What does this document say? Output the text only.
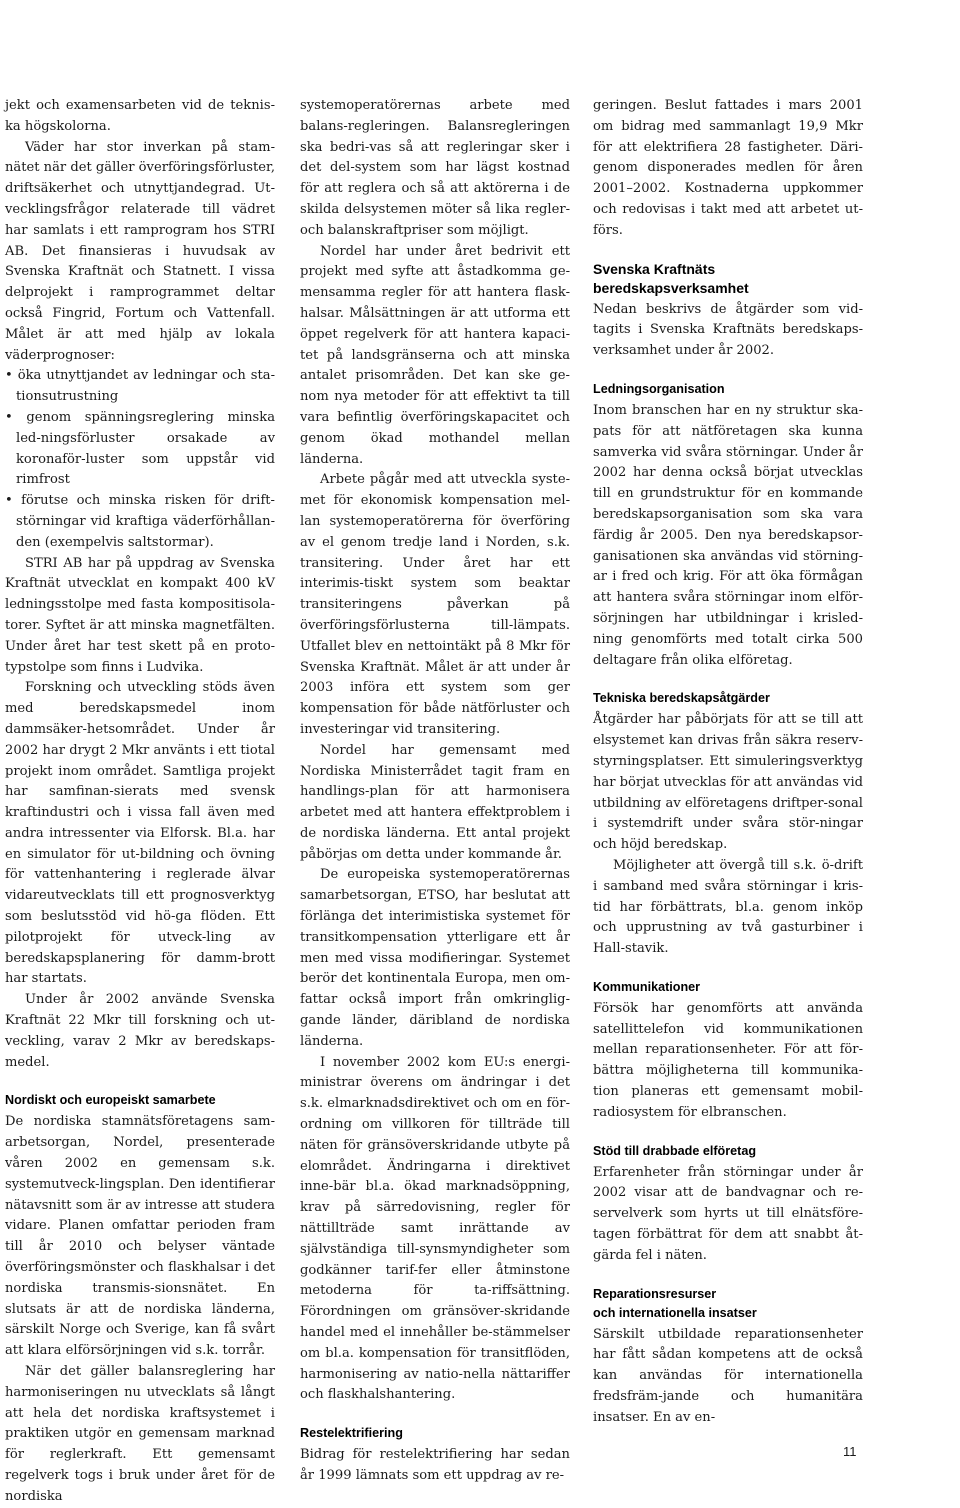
jekt och examensarbeten vid de teknis-ka högskolorna.

Väder har stor inverkan på stam-nätet när det gäller överföringsförluster, driftsäkerhet och utnyttjandegrad. Ut-vecklingsfrågor relaterade till vädret har samlats i ett ramprogram hos STRI AB. Det finansieras i huvudsak av Svenska Kraftnät och Statnett. I vissa delprojekt i ramprogrammet deltar också Fingrid, Fortum och Vattenfall. Målet är att med hjälp av lokala väderprognoser:

• öka utnyttjandet av ledningar och sta-tionsutrustning
• genom spänningsreglering minska led-ningsförluster orsakade av koronaför-luster som uppstår vid rimfrost
• förutse och minska risken för drift-störningar vid kraftiga väderförhållan-den (exempelvis saltstormar).

STRI AB har på uppdrag av Svenska Kraftnät utvecklat en kompakt 400 kV ledningsstolpe med fasta kompositisola-torer. Syftet är att minska magnetfälten. Under året har test skett på en proto-typstolpe som finns i Ludvika.

Forskning och utveckling stöds även med beredskapsmedel inom dammsäker-hetsområdet. Under år 2002 har drygt 2 Mkr använts i ett tiotal projekt inom området. Samtliga projekt har samfinan-sierats med svensk kraftindustri och i vissa fall även med andra intressenter via Elforsk. Bl.a. har en simulator för ut-bildning och övning för vattenhantering i reglerade älvar vidareutvecklats till ett prognosverktyg som beslutsstöd vid hö-ga flöden. Ett pilotprojekt för utveck-ling av beredskapsplanering för damm-brott har startats.

Under år 2002 använde Svenska Kraftnät 22 Mkr till forskning och ut-veckling, varav 2 Mkr av beredskaps-medel.

Nordiskt och europeiskt samarbete

De nordiska stamnätsföretagens sam-arbetsorgan, Nordel, presenterade våren 2002 en gemensam s.k. systemutveck-lingsplan. Den identifierar nätavsnitt som är av intresse att studera vidare. Planen omfattar perioden fram till år 2010 och belyser väntade överföringsmönster och flaskhalsar i det nordiska transmis-sionsnätet. En slutsats är att de nordiska länderna, särskilt Norge och Sverige, kan få svårt att klara elförsörjningen vid s.k. torrår.

När det gäller balansreglering har harmoniseringen nu utvecklats så långt att hela det nordiska kraftsystemet i praktiken utgör en gemensam marknad för reglerkraft. Ett gemensamt regelverk togs i bruk under året för de nordiska

systemoperatörernas arbete med balans-regleringen. Balansregleringen ska bedri-vas så att regleringar sker i det del-system som har lägst kostnad för att reglera och så att aktörerna i de skilda delsystemen möter så lika regler- och balanskraftpriser som möjligt.

Nordel har under året bedrivit ett projekt med syfte att åstadkomma ge-mensamma regler för att hantera flask-halsar. Målsättningen är att utforma ett öppet regelverk för att hantera kapaci-tet på landsgränserna och att minska antalet prisområden. Det kan ske ge-nom nya metoder för att effektivt ta till vara befintlig överföringskapacitet och genom ökad mothandel mellan länderna.

Arbete pågår med att utveckla syste-met för ekonomisk kompensation mel-lan systemoperatörerna för överföring av el genom tredje land i Norden, s.k. transitering. Under året har ett interimis-tiskt system som beaktar transiteringens påverkan på överföringsförlusterna till-lämpats. Utfallet blev en nettointäkt på 8 Mkr för Svenska Kraftnät. Målet är att under år 2003 införa ett system som ger kompensation för både nätförluster och investeringar vid transitering.

Nordel har gemensamt med Nordiska Ministerrådet tagit fram en handlings-plan för att harmonisera arbetet med att hantera effektproblem i de nordiska länderna. Ett antal projekt påbörjas om detta under kommande år.

De europeiska systemoperatörernas samarbetsorgan, ETSO, har beslutat att förlänga det interimistiska systemet för transitkompensation ytterligare ett år men med vissa modifieringar. Systemet berör det kontinentala Europa, men om-fattar också import från omkringlig-gande länder, däribland de nordiska länderna.

I november 2002 kom EU:s energi-ministrar överens om ändringar i det s.k. elmarknadsdirektivet och om en för-ordning om villkoren för tillträde till näten för gränsöverskridande utbyte på elområdet. Ändringarna i direktivet inne-bär bl.a. ökad marknadsöppning, krav på särredovisning, regler för nättillträde samt inrättande av självständiga till-synsmyndigheter som godkänner tarif-fer eller åtminstone metoderna för ta-riffsättning. Förordningen om gränsöver-skridande handel med el innehåller be-stämmelser om bl.a. kompensation för transitflöden, harmonisering av natio-nella nättariffer och flaskhalshantering.

Restelektrifiering

Bidrag för restelektrifiering har sedan år 1999 lämnats som ett uppdrag av re-

geringen. Beslut fattades i mars 2001 om bidrag med sammanlagt 19,9 Mkr för att elektrifiera 28 fastigheter. Däri-genom disponerades medlen för åren 2001–2002. Kostnaderna uppkommer och redovisas i takt med att arbetet ut-förs.

Svenska Kraftnäts beredskapsverksamhet

Nedan beskrivs de åtgärder som vid-tagits i Svenska Kraftnäts beredskaps-verksamhet under år 2002.

Ledningsorganisation

Inom branschen har en ny struktur ska-pats för att nätföretagen ska kunna samverka vid svåra störningar. Under år 2002 har denna också börjat utvecklas till en grundstruktur för en kommande beredskapsorganisation som ska vara färdig år 2005. Den nya beredskapsor-ganisationen ska användas vid störning-ar i fred och krig. För att öka förmågan att hantera svåra störningar inom elför-sörjningen har utbildningar i krisled-ning genomförts med totalt cirka 500 deltagare från olika elföretag.

Tekniska beredskapsåtgärder

Åtgärder har påbörjats för att se till att elsystemet kan drivas från säkra reserv-styrningsplatser. Ett simuleringsverktyg har börjat utvecklas för att användas vid utbildning av elföretagens driftper-sonal i systemdrift under svåra stör-ningar och höjd beredskap.

Möjligheter att övergå till s.k. ö-drift i samband med svåra störningar i kris-tid har förbättrats, bl.a. genom inköp och upprustning av två gasturbiner i Hall-stavik.

Kommunikationer

Försök har genomförts att använda satellittelefon vid kommunikationen mellan reparationsenheter. För att för-bättra möjligheterna till kommunika-tion planeras ett gemensamt mobil-radiosystem för elbranschen.

Stöd till drabbade elföretag

Erfarenheter från störningar under år 2002 visar att de bandvagnar och re-servelverk som hyrts ut till elnätsföre-tagen förbättrat för dem att snabbt åt-gärda fel i näten.

Reparationsresurser
och internationella insatser

Särskilt utbildade reparationsenheter har fått sådan kompetens att de också kan användas för internationella fredsfräm-jande och humanitära insatser. En av en-

11
